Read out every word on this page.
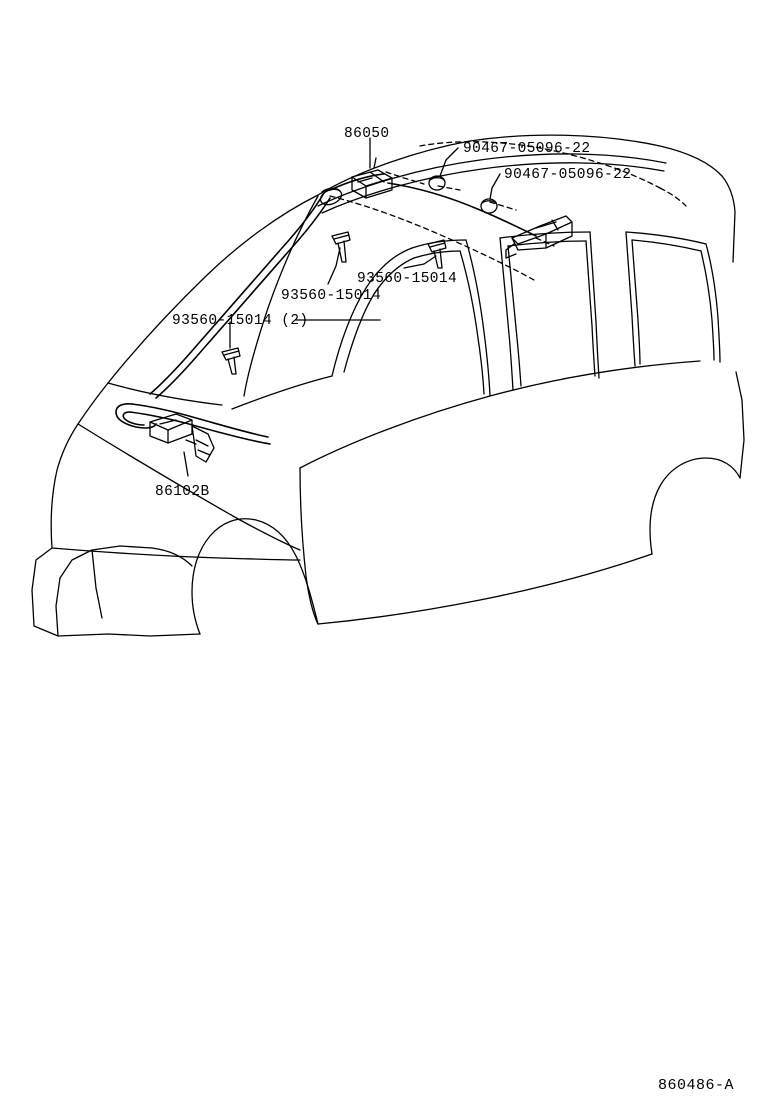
86050
90467-05096-22
90467-05096-22
93560-15014
93560-15014
93560-15014 (2)
86102B
860486-A
